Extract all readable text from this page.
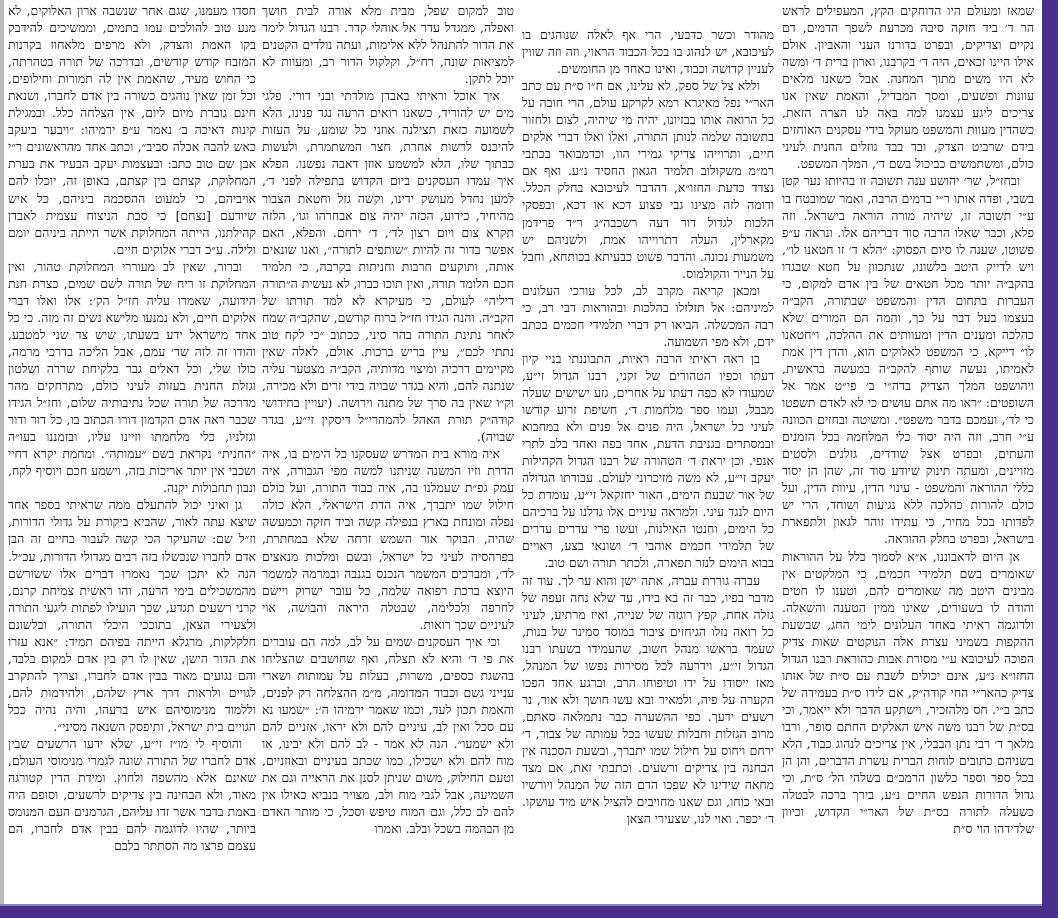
שמאז ומעולם היו הדוחקים הקץ, המעפילים לראש הר ד׳ ביד חזקה סיבה מכרעת לשפך הדמים, דם נקיים וצדיקים, ובפרט בדורנו העני והאביון. אולם אילו היינו זכאים, היה ד׳ בקרבנו, וארון ברית ד׳ ומשה לא היו משים מתוך המחנה. אבל כשאנו מלאים עוונות ופשעים, ומסך המבדיל, והאמת שאין אנו צריכים ליגע עצמנו למה באה לנו הצרה הזאת, כשהדין מעוות והמשפט מעוקל בידי עסקנים האוחזים בידם שרביט הצדק, ובד בבד גוזלים החנית לעיני כולם, ומשתמשים כביכול בשם ד׳, המלך המשפט.

ובחז״ל, שר׳ יהושע ענה תשובה זו בהיותו נער קטן בשבי, ופדה אותו ר״י בדמים הרבה, ואמר שמובטח בו ע״י תשובה זו, שיהיה מורה הוראה בישראל. וזה פלא, וכבר שאלו הרבה סוד דבריהם אלו. ונראה ע״פ פשוטו, שענה לו סיום הפסוק: ״הלא ד׳ זו חטאנו לו״, ויש לדייק היטב בלשונו, שנתכוון על חטא שבגדו בהקב״ה יותר מכל חטאים של בין אדם למקום, כי העברות בתחום הדין והמשפט שבתורה, הקב״ה בעצמו בעל דבר על כך, והמה הם המורים שלא כהלכה ומענים הדין ומעוותים את ההלכה, ו״חטאנו לו״ דייקא, כי המשפט לאלוקים הוא, והדן דין אמת לאמיתו, נעשה שותף להקב״ה במעשה בראשית, ויהושפט המלך הצדיק בדה״י ב׳ פי״ט אמר אל השופטים: ״ראו מה אתם עושים כי לא לאדם תשפטו כי לד׳, ועמכם בדבר משפט״. ומשיטה ובחזים הכוונה ע״י חרב, וזה היה יסוד כלי המלחמה בכל הזמנים והעתים, ובפרט אצל שודדים, גזלנים ולסטים מזויינים, ומעתה תינוק שיודע סוד זה, שהן הן יסוד כללי ההוראה והמשפט - עינוי הדין, עיוות הדין, ועל כולם להורות כהלכה ללא נגיעות ושוחד, הרי יש לפדותו בכל מחיר, כי עתידו זוהר לגאון ולתפארת בישראל, ובפרט בחלק ההוראה.

אן היום לדאבוננו, א״א לסמוך כלל על ההוראות שאומרים בשם תלמידי חכמים, כי המלקטים אין מבינים היטב מה שאומרים להם, וטענו לו חטים והודה לו בשעורים, שאינו ממין הטענה והשאלה. ולדוגמה ראיתי באחד העלונים לימי החג, שבשעת ההקפות בשמיני עצרת אלה הנוקטים שאות צדיק הפוכה לעיכובא ע״י מסורת אבות כהוראת רבנו הגדול החזו״א נ״ע, אינם יכולים לשבת עם ס״ת של אותו צדיק כהאר״י החי קודה״ק, אם לידו ס״ת בעמידה של כתב ב״י. חס מלהזכיר, וישתקע הדבר ולא ייאמר, וכי בס״ת של רבנו משה איש האלקים החתם סופר, ורבו מלאך ד׳ רבי נתן הבבלי, אין צריכים לנהוג כבוד, הלא בשניהם כתובים לוחות הברית עשרת הדברים, והן הן בכל ספר וספר כלשון הרמב״ם בשלהי הל׳ ס״ת, וכי גדול הדורות הנפש החיים נ״ע, בירך ברכה לבטלה כשעלה לתורה בס״ת של האר״י הקדוש, וכיוון שלדידהו הוי ס״ת

מהודר וכשר כדבעי, הרי אף לאלה שנוהגים בו לעיכובא, יש לנהוג בו בכל הכבוד הראוי, וזה וזה שווין לעניין קדושה וכבוד, ואינו כאחד מן החומשים.

וללא צל של ספק, לא עלינו, אם ח״ו ס״ת עם כתב האר״י נפל מאיגרא רמא לקרקע עולם, הרי חובה על כל הרואה אותו בבזיונו, יהיה מי שיהיה, לצום ולחזור בתשובה שלמה לנותן התורה, ואלו ואלו דברי אלקים חיים, ותרוייהו צדיקי גמירי הוו, וכדמבואר בכתבי רמ״מ משקולוב תלמיד הגאון החסיד נ״ע. ואף אם נצדד כדעת החזו״א, דהדבר לעיכובא בחלק הכלל. ודומה לזה מצינו גבי פצוע דכא או דכא, ובפסקי הלכות לגדול דור דעה רשכבה״ג ר״ד פרידמן מקארלין, העלה דתרוייהו אמת, ולשניהם יש משמעות נכונה. והדבר פשוט כבעיתא בכותחא, וחבל על הנייר והקולמוס.

ומכאן קריאה מקרב לב, לכל עורכי העלונים למיניהם: אל תזלזלו בהלכות ובהוראות דבי רב, כי רבה המכשלה. הביאו רק דברי תלמידי חכמים בכתב ידם, ולא מפי השמועה.

בן ראה ראיתי הרבה ראיות, התבוננתי בניי קיון דעתו וכפיו הטהורים של זקני, רבנו הגדול זי״ע, שמעודו לא כפה דעתו על אחרים, גזע ישישים שעלה מבבל, ועמו ספר מלחמות ד׳, חשיפת זרוע קודשו לעיני כל ישראל, היה פנים אל פנים ולא במחבוא ובמסתרים בגניבת הדעת, אחד בפה ואחד בלב לתרי אנפי. וכן יראת ד׳ הטהורה של רבנו הגדול הקהילות יעקב זי״ע, לא משה מזיכרוני לעולם. עבודתו הגדולה של אור שבעת הימים, האור יחזקאל זי״ע, עומדת כל היום לנגד עיני. ולמראה עיניים אלו גדלנו על ברכיהם כל הימים, וחנטו האילנות, ועשו פרי עדרים עדרים של תלמידי חכמים אוהבי ד׳ ושונאי בצע, ראויים בבוא הימים לנזר תפארה, ולכתר תורה ושם טוב.

עברה גוררת עברה, אתה ישן והוא ער לך. עוד זה מדבר בפיו, כבר זה בא בידו, עד שלא נחה זעפה של גזלה אחת, קפץ רוגזה של שנייה, ואיז מרתיע, לעיני כל רואה נזלו הגיחזים ציבור במוסד סמינר של בנות, שעמד בראשו מנהל חשוב, שהעמידו בשעתו רבנו הגדול זי״ע, וידרעה לכל מסירות נפשו של המנהל, מאז ייסודו על ידו וטיפוחו הרב, וברגע אחד הפכו הקערה על פיה, ולמאיר ובא עשו חושך ולא אור, נר רשעים ידעך. כפי ההשערה כבר נתמלאה סאתם, מרוב הגזלות וחבלות שעשו בכל עמותה של צבור, ד׳ ירחם ויחוס על חילול שמו יתברך, ובשעת הסכנה אין הבחנה בין צדיקים ורשעים. וכתבתי זאת, אם מצד מחאה שידינו לא שפכו הדם הזה של המנהל ויורשיו ובאי כוחו, וגם שאנו מחויבים להציל איש מיד עושקו. ד׳ יכפר. ואוי לנו, שצעירי הצאן

טוב למקום שפל, מבית מלא אורה לבית חושך ואפלה, ממגדל עדר אל אוהלי קדר. רבנו הגדול לימד את הדור להתנהל ללא אלימות, ועתה נולדים הקטנים למציאות שונה, רח״ל, וקלקול הדור רב, ומעוות לא יוכל לתקן.

איך אוכל וראיתי באבדן מולדתי ובני דורי. פלגי מים יש להוריד, כשאנו רואים הרעה נגד פנינו, הלא לשמועה כזאת תצילנה אוזני כל שומע, על העזות להיכנס לרשות אחרת, חצר המשתמרת, ולעשות כבתוך שלו, הלא למשמע אוזן דאבה נפשנו. הפלא איך עמדו העסקנים ביום הקדוש בתפילה לפני ד׳, למען נחדל מעושק ידינו, וקשה גזל וחטאת הצבור מהיחיד, כידוע, הכזה יהיה צום אבחרהו וגו׳, הלזה תקרא צום ויום רצון לד׳, ד׳ ירחם. והפלא, האם אפשר בדור זה להיות ״שותפים לתורה״, ואנו שונאים אותה, ותוקעים חרבות וחניתות בקרבה, כי תלמיד חכם הלומד תורה, ואין תוכו כברו, לא נעשית ה״תורה דיליה״ לעולם, כי מעיקרא לא למד תורתו של הקב״ה. והנה הגידו חז״ל ברוח קודשם, שהקב״ה שמח לאחר נתינת התורה בהר סיני, ככתוב ״כי לקח טוב נתתי לכם״, עיין בריש ברכות. אולם, לאלה שאין מקיימים דרכיה ומיצוי מדותיה, הקב״ה מצטער עליה שנתנה להם, והיא בגדר שבויה בידי זרים ולא מכירה, וק״ו שאין בה סרך של מתנה וירושה. (יעויין בחידושי קודה״ק תורת האהל להמהרי״ל דיסקין זי״ע, בגדר שבויה).

איה מורא בית המדרש שעסקנו כל הימים בו, איה הדרת וזיו המשנה שניתנו למשה מפי הגבורה, איה עמק גפ״ת שעמלנו בה, איה כבוד התורה, ועל כולם חילול שמו יתברך, איה הדת הישראלי, הלא כולה נפלה ומונחת בארץ בנפילה קשה וביד חזקה וכמעשה שהיה, הבוקר אור השמש זרחה שלא במחתרת, בפרהסיה לעיני כל ישראל, ובשם ומלכות מנאצים לד׳, ומברכים המשמר הנכנס בגנבה ובמרמה למשמר היוצא ברכת רפואה שלמה, כל עובר ישרוק ויישם לחרפה ולכלימה, שבטלה היראה והבושה, אוי לעיניים שכך רואות.

וכי איך העסקנים שמים על לב, למה הם עוברים את פי ד׳ והיא לא תצלח, ואף שחושבים שהצליחו בהשגת כספים, משרות, בעלות על עמותות ושארי ענייני גשם וכבוד המדומה, מ״מ ההצלחה רק לפנים, והאמת תכון לעד, וכמו שאמר ירמיהו ה׳: ״שמעו נא עם סכל ואין לב, עיניים להם ולא יראו, אזניים להם ולא ישמעו״. הנה לא אמר - לב להם ולא יבינו, או מוח להם ולא ישכילו, כמו שכתב בעיניים ובאוזניים, וטעם החילוק, משום שניתן לסנן את הראייה וגם את השמיעה, אבל לגבי מוח ולב, מצויר בנביא כאילו אין להם לב כלל, וגם המוח טיפש וסכל, כי מותר האדם מן הבהמה בשכל ובלב. ואמרו

חסדו מעמנו, שגם אחר שנשבה ארון האלוקים, לא מנע טוב להולכים עמו בתמים, וממשיכים להידבק בקו האמת והצדק, ולא מרפים מלאחוז בקרנות המזבח קודש קודשים, ובדרכה של תורה בטהרתה, כי החוש מעיד, שהאמת אין לה תמורות וחילופים, וכל זמן שאין נוהגים כשורה בין אדם לחברו, ושנאת חינם גוברת מיום ליום, אין הצלחה כלל. ובמגילת קינות דאיכה ב׳ נאמר ע״פ ירמיהו: ״ויבער ביעקב כאש להבה אכלה סביב״, וכתב אחד מהראשונים ר״י אבן שם טוב כתב: ובעצמות יעקב הבעיר את בערת המחלוקת, קצתם בין קצתם, באופן זה, יוכלו להם אויביהם, כי למעוט ההסכמה ביניהם, כל איש שיודעם [נצחם] כי סבת הניצוח עצמית לאבדן קהילתנו, הייתה המחלוקת אשר הייתה ביניהם יומם ולילה. ע״כ דברי אלוקים חיים.

וברור, שאין לב מעוררי המחלוקת טהור, ואין המחלוקת זו ריח של תורה לשם שמים, כצרת חנת הידועה, שאמרו עליה חז״ל הק׳: אלו ואלו דברי אלוקים חיים, ולא נמנעו מלישא נשים זה מזה. כי כל אחד מישראל ידע בשעתו, שיש צד שני למטבע, והודו זה לזה שד׳ עמם, אבל הליכה בדרכי מרמה, כולו שלי, וכל דאלים גבר בלקיחת שררה ושלטון וגזלת החנית בעזות לעיני כולם, מתרחקים מהר מדרכה של תורה שכל נתיבותיה שלום, וחז״ל הגידו שכבר ראה אדם הקדמון דורו הכתוב בו, כל דור ודור וגזלניו, כלי מלחמתו וזיינו עליו, ובזמננו בעו״ה ״החנית״ נקראת בשם ״עמותה״. ומחמת יקרא דחיי ושכבי אין יותר אריכות בזה, וישמע חכם ויוסיף לקח, ונבון תחבולות יקנה.

גן ואיני יכול להתעלם ממה שראיתי בספר אחד שיצא עתה לאור, שהביא ביקורת על גדולי הדורות, וז״ל שם: שהעיקר הכי קשה לעבור בחיים זה הבן אדם לחברו שנכשלו בזה רבים מגדולי הדורות, עכ״ל. הנה לא יתכן שכך נאמרו דברים אלו ששורשם מהמשכילים בימי הרעה, והו ראשית צמיחת קרנם, קרני רשעים תגדע, שכך הועילו לפתות ליגעי התורה ולצעירי הצאן, בתוככי היכלי התורה, ובלשונם חלקלקות, מרגלא הייתה בפיהם תמיד: ״אנא עזרו את הדור הישן, שאין לו רק בין אדם למקום בלבד, והם נגועים מאוד בבין אדם לחברו, וצריך להתקרב לגויים ולראות דרך ארץ שלהם, ולהידמות להם, וללמוד מנימוסיהם איש ברעהו, והיה נהיה ככל הגויים בית ישראל, ותיפסק השנאה מסיני״.

והוסיף לי מו״ז זי״ע, שלא ידעו הרשעים שבין אדם לחברו של התורה שונה לגמרי מנימוסי העולם, שאינם אלא מהשפה ולחוץ. ומידת הדין קטורגה מאוד, ולא הבחינה בין צדיקים לרשעים, וסופם היה באמת בדבר אשר זדו עליהם, הגרמנים העם המנומס ביותר, שהיו לדוגמה להם בבין אדם לחברו, הם עצמם פרצו מה הסתתר בלבם
